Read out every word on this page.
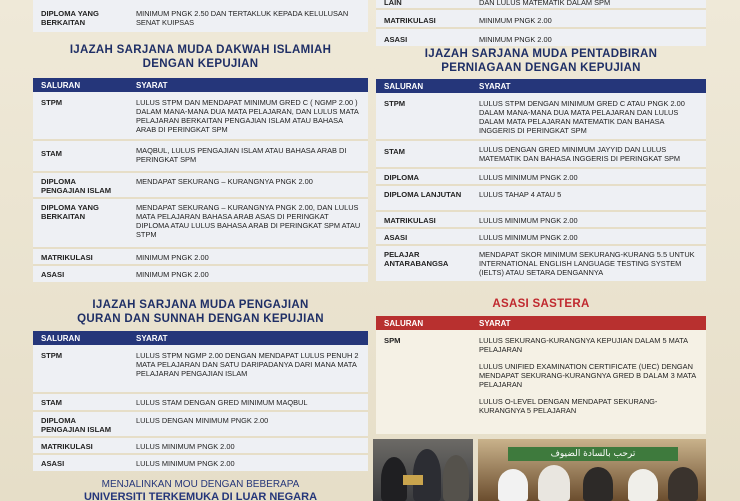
DIPLOMA YANG BERKAITAN	MINIMUM PNGK 2.50 DAN TERTAKLUK KEPADA KELULUSAN SENAT KUIPSAS
IJAZAH SARJANA MUDA DAKWAH ISLAMIAH
DENGAN KEPUJIAN
SALURAN	SYARAT
STPM	LULUS STPM DAN MENDAPAT MINIMUM GRED C ( NGMP 2.00 ) DALAM MANA-MANA DUA MATA PELAJARAN, DAN LULUS MATA PELAJARAN BERKAITAN PENGAJIAN ISLAM ATAU BAHASA ARAB DI PERINGKAT SPM
STAM	MAQBUL, LULUS PENGAJIAN ISLAM ATAU BAHASA ARAB DI PERINGKAT SPM
DIPLOMA PENGAJIAN ISLAM	MENDAPAT SEKURANG – KURANGNYA PNGK 2.00
DIPLOMA YANG BERKAITAN	MENDAPAT SEKURANG – KURANGNYA PNGK 2.00, DAN LULUS MATA PELAJARAN BAHASA ARAB ASAS DI PERINGKAT DIPLOMA ATAU LULUS BAHASA ARAB DI PERINGKAT SPM ATAU STPM
MATRIKULASI	MINIMUM PNGK 2.00
ASASI	MINIMUM PNGK 2.00
IJAZAH SARJANA MUDA PENGAJIAN
QURAN DAN SUNNAH DENGAN KEPUJIAN
SALURAN	SYARAT
STPM	LULUS STPM NGMP 2.00 DENGAN MENDAPAT LULUS PENUH 2 MATA PELAJARAN DAN SATU DARIPADANYA DARI MANA MATA PELAJARAN PENGAJIAN ISLAM
STAM	LULUS STAM DENGAN GRED MINIMUM MAQBUL
DIPLOMA PENGAJIAN ISLAM	LULUS DENGAN MINIMUM PNGK 2.00
MATRIKULASI	LULUS MINIMUM PNGK 2.00
ASASI	LULUS MINIMUM PNGK 2.00
MENJALINKAN MOU DENGAN BEBERAPA
UNIVERSITI TERKEMUKA DI LUAR NEGARA
LAIN	DAN LULUS MATEMATIK DALAM SPM
MATRIKULASI	MINIMUM PNGK 2.00
ASASI	MINIMUM PNGK 2.00
IJAZAH SARJANA MUDA PENTADBIRAN
PERNIAGAAN DENGAN KEPUJIAN
SALURAN	SYARAT
STPM	LULUS STPM DENGAN MINIMUM GRED C ATAU PNGK 2.00 DALAM MANA-MANA DUA MATA PELAJARAN DAN LULUS DALAM MATA PELAJARAN MATEMATIK DAN BAHASA INGGERIS DI PERINGKAT SPM
STAM	LULUS DENGAN GRED MINIMUM JAYYID DAN LULUS MATEMATIK DAN BAHASA INGGERIS DI PERINGKAT SPM
DIPLOMA	LULUS MINIMUM PNGK 2.00
DIPLOMA LANJUTAN	LULUS TAHAP 4 ATAU 5
MATRIKULASI	LULUS MINIMUM PNGK 2.00
ASASI	LULUS MINIMUM PNGK 2.00
PELAJAR ANTARABANGSA	MENDAPAT SKOR MINIMUM SEKURANG-KURANG 5.5 UNTUK INTERNATIONAL ENGLISH LANGUAGE TESTING SYSTEM (IELTS) ATAU SETARA DENGANNYA
ASASI SASTERA
SALURAN	SYARAT
SPM	LULUS SEKURANG-KURANGNYA KEPUJIAN DALAM 5 MATA PELAJARAN
LULUS UNIFIED EXAMINATION CERTIFICATE (UEC) DENGAN MENDAPAT SEKURANG-KURANGNYA GRED B DALAM 3 MATA PELAJARAN
LULUS O-LEVEL DENGAN MENDAPAT SEKURANG-KURANGNYA 5 PELAJARAN
ترحب بالسادة الضيوف
